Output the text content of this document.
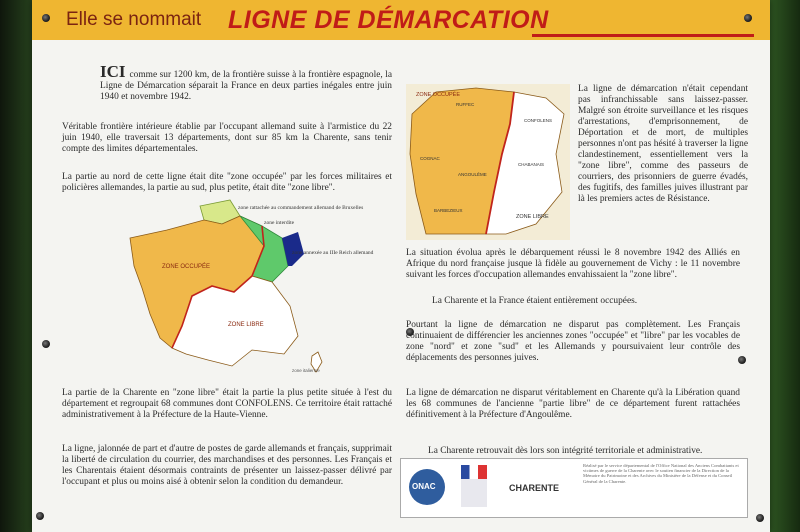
Elle se nommait LIGNE DE DÉMARCATION
ICI comme sur 1200 km, de la frontière suisse à la frontière espagnole, la Ligne de Démarcation séparait la France en deux parties inégales entre juin 1940 et novembre 1942.
Véritable frontière intérieure établie par l'occupant allemand suite à l'armistice du 22 juin 1940, elle traversait 13 départements, dont sur 85 km la Charente, sans tenir compte des limites départementales.
La partie au nord de cette ligne était dite "zone occupée" par les forces militaires et policières allemandes, la partie au sud, plus petite, était dite "zone libre".
ZONE OCCUPÉE
ZONE LIBRE
zone italienne
zone rattachée au commandement allemand de Bruxelles
zone interdite
zone annexée au IIIe Reich allemand
La partie de la Charente en "zone libre" était la partie la plus petite située à l'est du département et regroupait 68 communes dont CONFOLENS. Ce territoire était rattaché administrativement à la Préfecture de la Haute-Vienne.
La ligne, jalonnée de part et d'autre de postes de garde allemands et français, supprimait la liberté de circulation du courrier, des marchandises et des personnes. Les Français et les Charentais étaient désormais contraints de présenter un laissez-passer délivré par l'occupant et plus ou moins aisé à obtenir selon la condition du demandeur.
ZONE OCCUPÉE
ZONE LIBRE
RUFFEC
CONFOLENS
COGNAC
ANGOULÊME
CHABANAIS
BARBEZIEUX
La ligne de démarcation n'était cependant pas infranchissable sans laissez-passer. Malgré son étroite surveillance et les risques d'arrestations, d'emprisonnement, de Déportation et de mort, de multiples personnes n'ont pas hésité à traverser la ligne clandestinement, essentiellement vers la "zone libre", comme des passeurs de courriers, des prisonniers de guerre évadés, des fugitifs, des familles juives illustrant par là les premiers actes de Résistance.
La situation évolua après le débarquement réussi le 8 novembre 1942 des Alliés en Afrique du nord française jusque là fidèle au gouvernement de Vichy : le 11 novembre suivant les forces d'occupation allemandes envahissaient la "zone libre".
La Charente et la France étaient entièrement occupées.
Pourtant la ligne de démarcation ne disparut pas complètement. Les Français continuaient de différencier les anciennes zones "occupée" et "libre" par les vocables de zone "nord" et zone "sud" et les Allemands y poursuivaient leur contrôle des déplacements des personnes juives.
La ligne de démarcation ne disparut véritablement en Charente qu'à la Libération quand les 68 communes de l'ancienne "partie libre" de ce département furent rattachées définitivement à la Préfecture d'Angoulême.
La Charente retrouvait dès lors son intégrité territoriale et administrative.
ONAC	CHARENTE
Réalisé par le service départemental de l'Office National des Anciens Combattants et victimes de guerre de la Charente avec le soutien financier de la Direction de la Mémoire du Patrimoine et des Archives du Ministère de la Défense et du Conseil Général de la Charente.
